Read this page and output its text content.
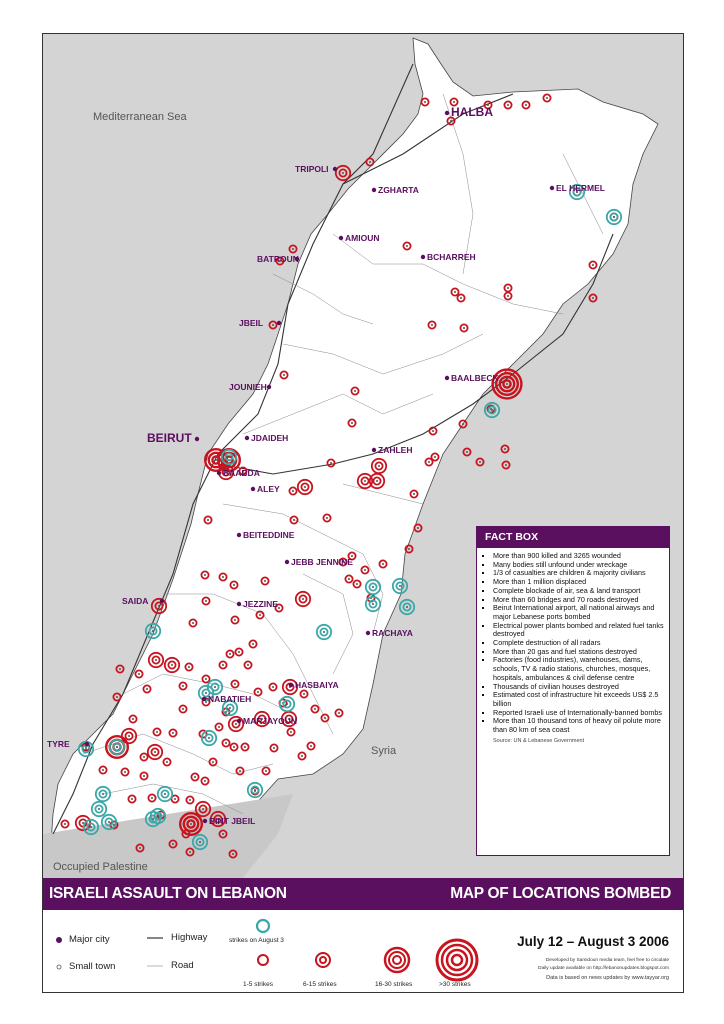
Mediterranean Sea
Syria
Occupied Palestine
HALBA
TRIPOLI
ZGHARTA	EL HERMEL
AMIOUN
BATROUN	BCHARREH
JBEIL
JOUNIEH
BAALBECK
BEIRUT	JDAIDEH
ZAHLEH
BAABDA
ALEY
BEITEDDINE
JEBB JENNINE
SAIDA	JEZZINE
RACHAYA
HASBAIYA
NABATIEH
MARJAYOUN
TYRE
BINT JBEIL
FACT BOX
▪ More than 900 killed and 3265 wounded
▪ Many bodies still unfound under wreckage
▪ 1/3 of casualties are children & majority civilians
▪ More than 1 million displaced
▪ Complete blockade of air, sea & land transport
▪ More than 60 bridges and 70 roads destroyed
▪ Beirut International airport, all national airways and major Lebanese ports bombed
▪ Electrical power plants bombed and related fuel tanks destroyed
▪ Complete destruction of all radars
▪ More than 20 gas and fuel stations destroyed
▪ Factories (food industries), warehouses, dams, schools, TV & radio stations, churches, mosques, hospitals, ambulances & civil defense centre
▪ Thousands of civilian houses destroyed
▪ Estimated cost of infrastructure hit exceeds US$ 2.5 billion
▪ Reported Israeli use of Internationally-banned bombs
▪ More than 10 thousand tons of heavy oil polute more than 80 km of sea coast
Source: UN & Lebanese Government
ISRAELI ASSAULT ON LEBANON	MAP OF LOCATIONS BOMBED
Major city
Small town
Highway
Road
strikes on August 3
1-5 strikes	6-15 strikes	16-30 strikes	>30 strikes
July 12 – August 3 2006
Developed by Samidoun media team, feel free to circulate
Daily update available on http://lebanonupdates.blogspot.com
Data is based on news updates by www.tayyar.org
